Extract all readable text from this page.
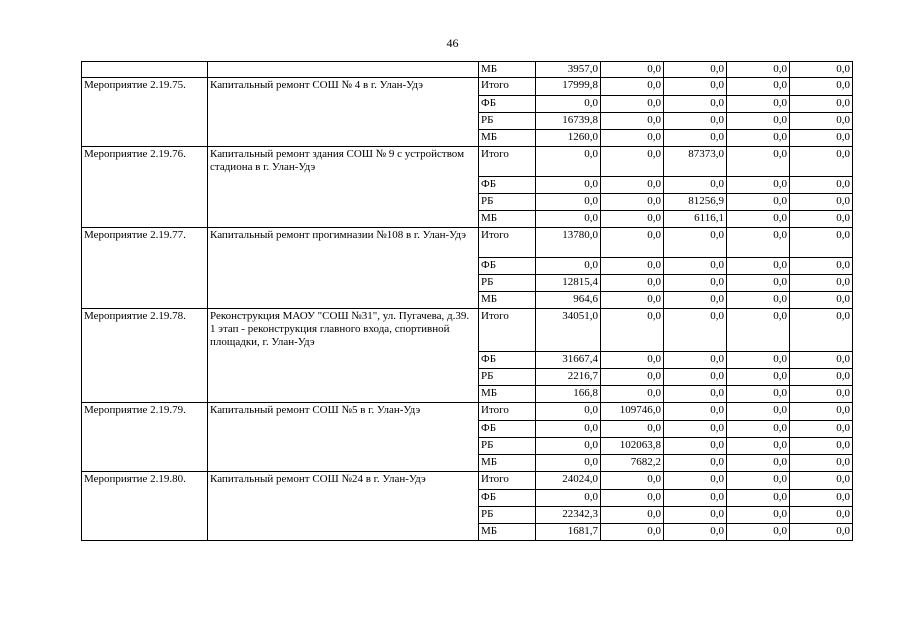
46
		МБ	3957,0	0,0	0,0	0,0	0,0
Мероприятие 2.19.75.	Капитальный ремонт СОШ № 4 в г. Улан-Удэ	Итого	17999,8	0,0	0,0	0,0	0,0
		ФБ	0,0	0,0	0,0	0,0	0,0
		РБ	16739,8	0,0	0,0	0,0	0,0
		МБ	1260,0	0,0	0,0	0,0	0,0
Мероприятие 2.19.76.	Капитальный ремонт здания СОШ № 9 с устройством стадиона в г. Улан-Удэ	Итого	0,0	0,0	87373,0	0,0	0,0
		ФБ	0,0	0,0	0,0	0,0	0,0
		РБ	0,0	0,0	81256,9	0,0	0,0
		МБ	0,0	0,0	6116,1	0,0	0,0
Мероприятие 2.19.77.	Капитальный ремонт прогимназии №108 в г. Улан-Удэ	Итого	13780,0	0,0	0,0	0,0	0,0
		ФБ	0,0	0,0	0,0	0,0	0,0
		РБ	12815,4	0,0	0,0	0,0	0,0
		МБ	964,6	0,0	0,0	0,0	0,0
Мероприятие 2.19.78.	Реконструкция МАОУ "СОШ №31", ул. Пугачева, д.39. 1 этап - реконструкция главного входа, спортивной площадки, г. Улан-Удэ	Итого	34051,0	0,0	0,0	0,0	0,0
		ФБ	31667,4	0,0	0,0	0,0	0,0
		РБ	2216,7	0,0	0,0	0,0	0,0
		МБ	166,8	0,0	0,0	0,0	0,0
Мероприятие 2.19.79.	Капитальный ремонт СОШ №5 в г. Улан-Удэ	Итого	0,0	109746,0	0,0	0,0	0,0
		ФБ	0,0	0,0	0,0	0,0	0,0
		РБ	0,0	102063,8	0,0	0,0	0,0
		МБ	0,0	7682,2	0,0	0,0	0,0
Мероприятие 2.19.80.	Капитальный ремонт СОШ №24 в г. Улан-Удэ	Итого	24024,0	0,0	0,0	0,0	0,0
		ФБ	0,0	0,0	0,0	0,0	0,0
		РБ	22342,3	0,0	0,0	0,0	0,0
		МБ	1681,7	0,0	0,0	0,0	0,0
